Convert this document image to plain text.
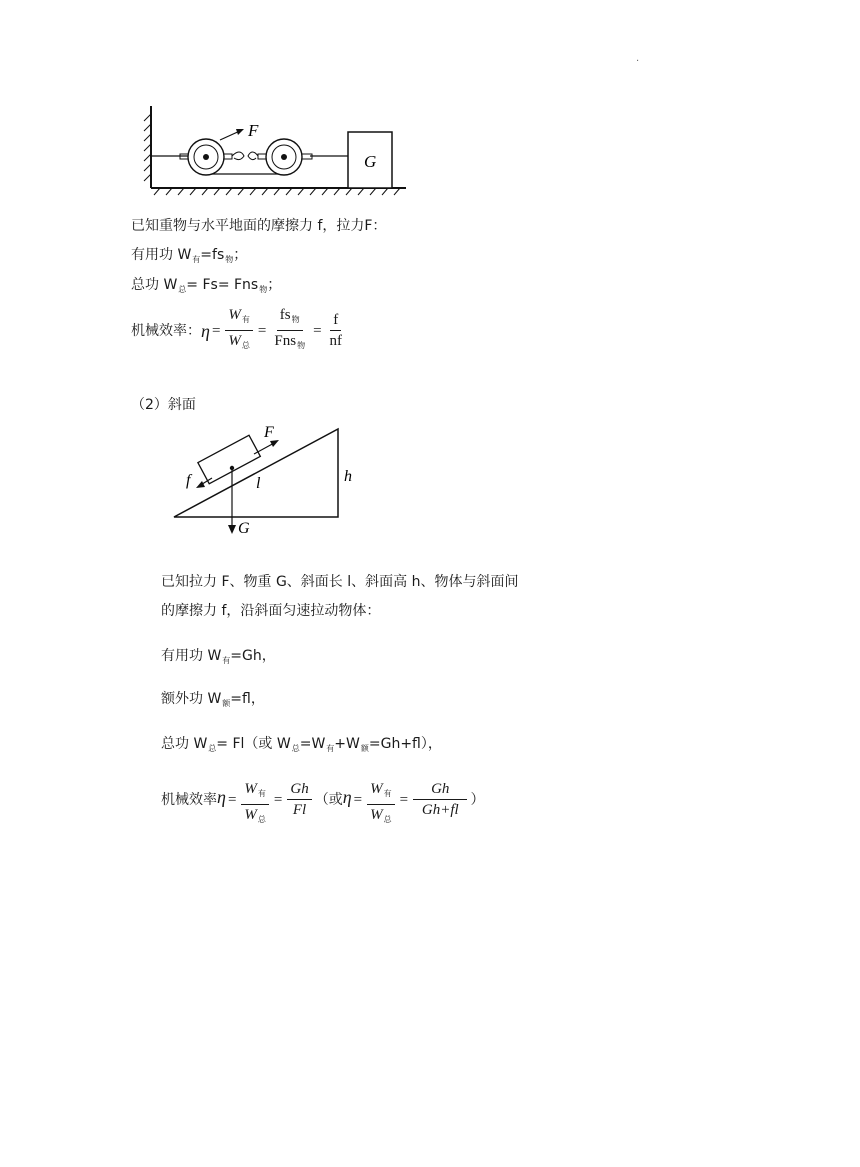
·
F
G
已知重物与水平地面的摩擦力 f，拉力F：
有用功 $W_有=fs_物$；
总功 $W_总= Fs= Fns_物$；
机械效率： $\eta = \frac{W_有}{W_总} = \frac{fs_物}{Fns_物} = \frac{f}{nf}$
（2）斜面
F
f
G
l	h
已知拉力 F、物重 G、斜面长 l、斜面高 h、物体与斜面间
的摩擦力 f，沿斜面匀速拉动物体：
有用功 $W_有=Gh$，
额外功 $W_额=fl$，
总功 $W_总= Fl$（或 $W_总=W_有+W_额=Gh+fl$），
机械效率 $\eta = \frac{W_有}{W_总} = \frac{Gh}{Fl}$ （或 $\eta = \frac{W_有}{W_总} = \frac{Gh}{Gh+fl}$ ）
